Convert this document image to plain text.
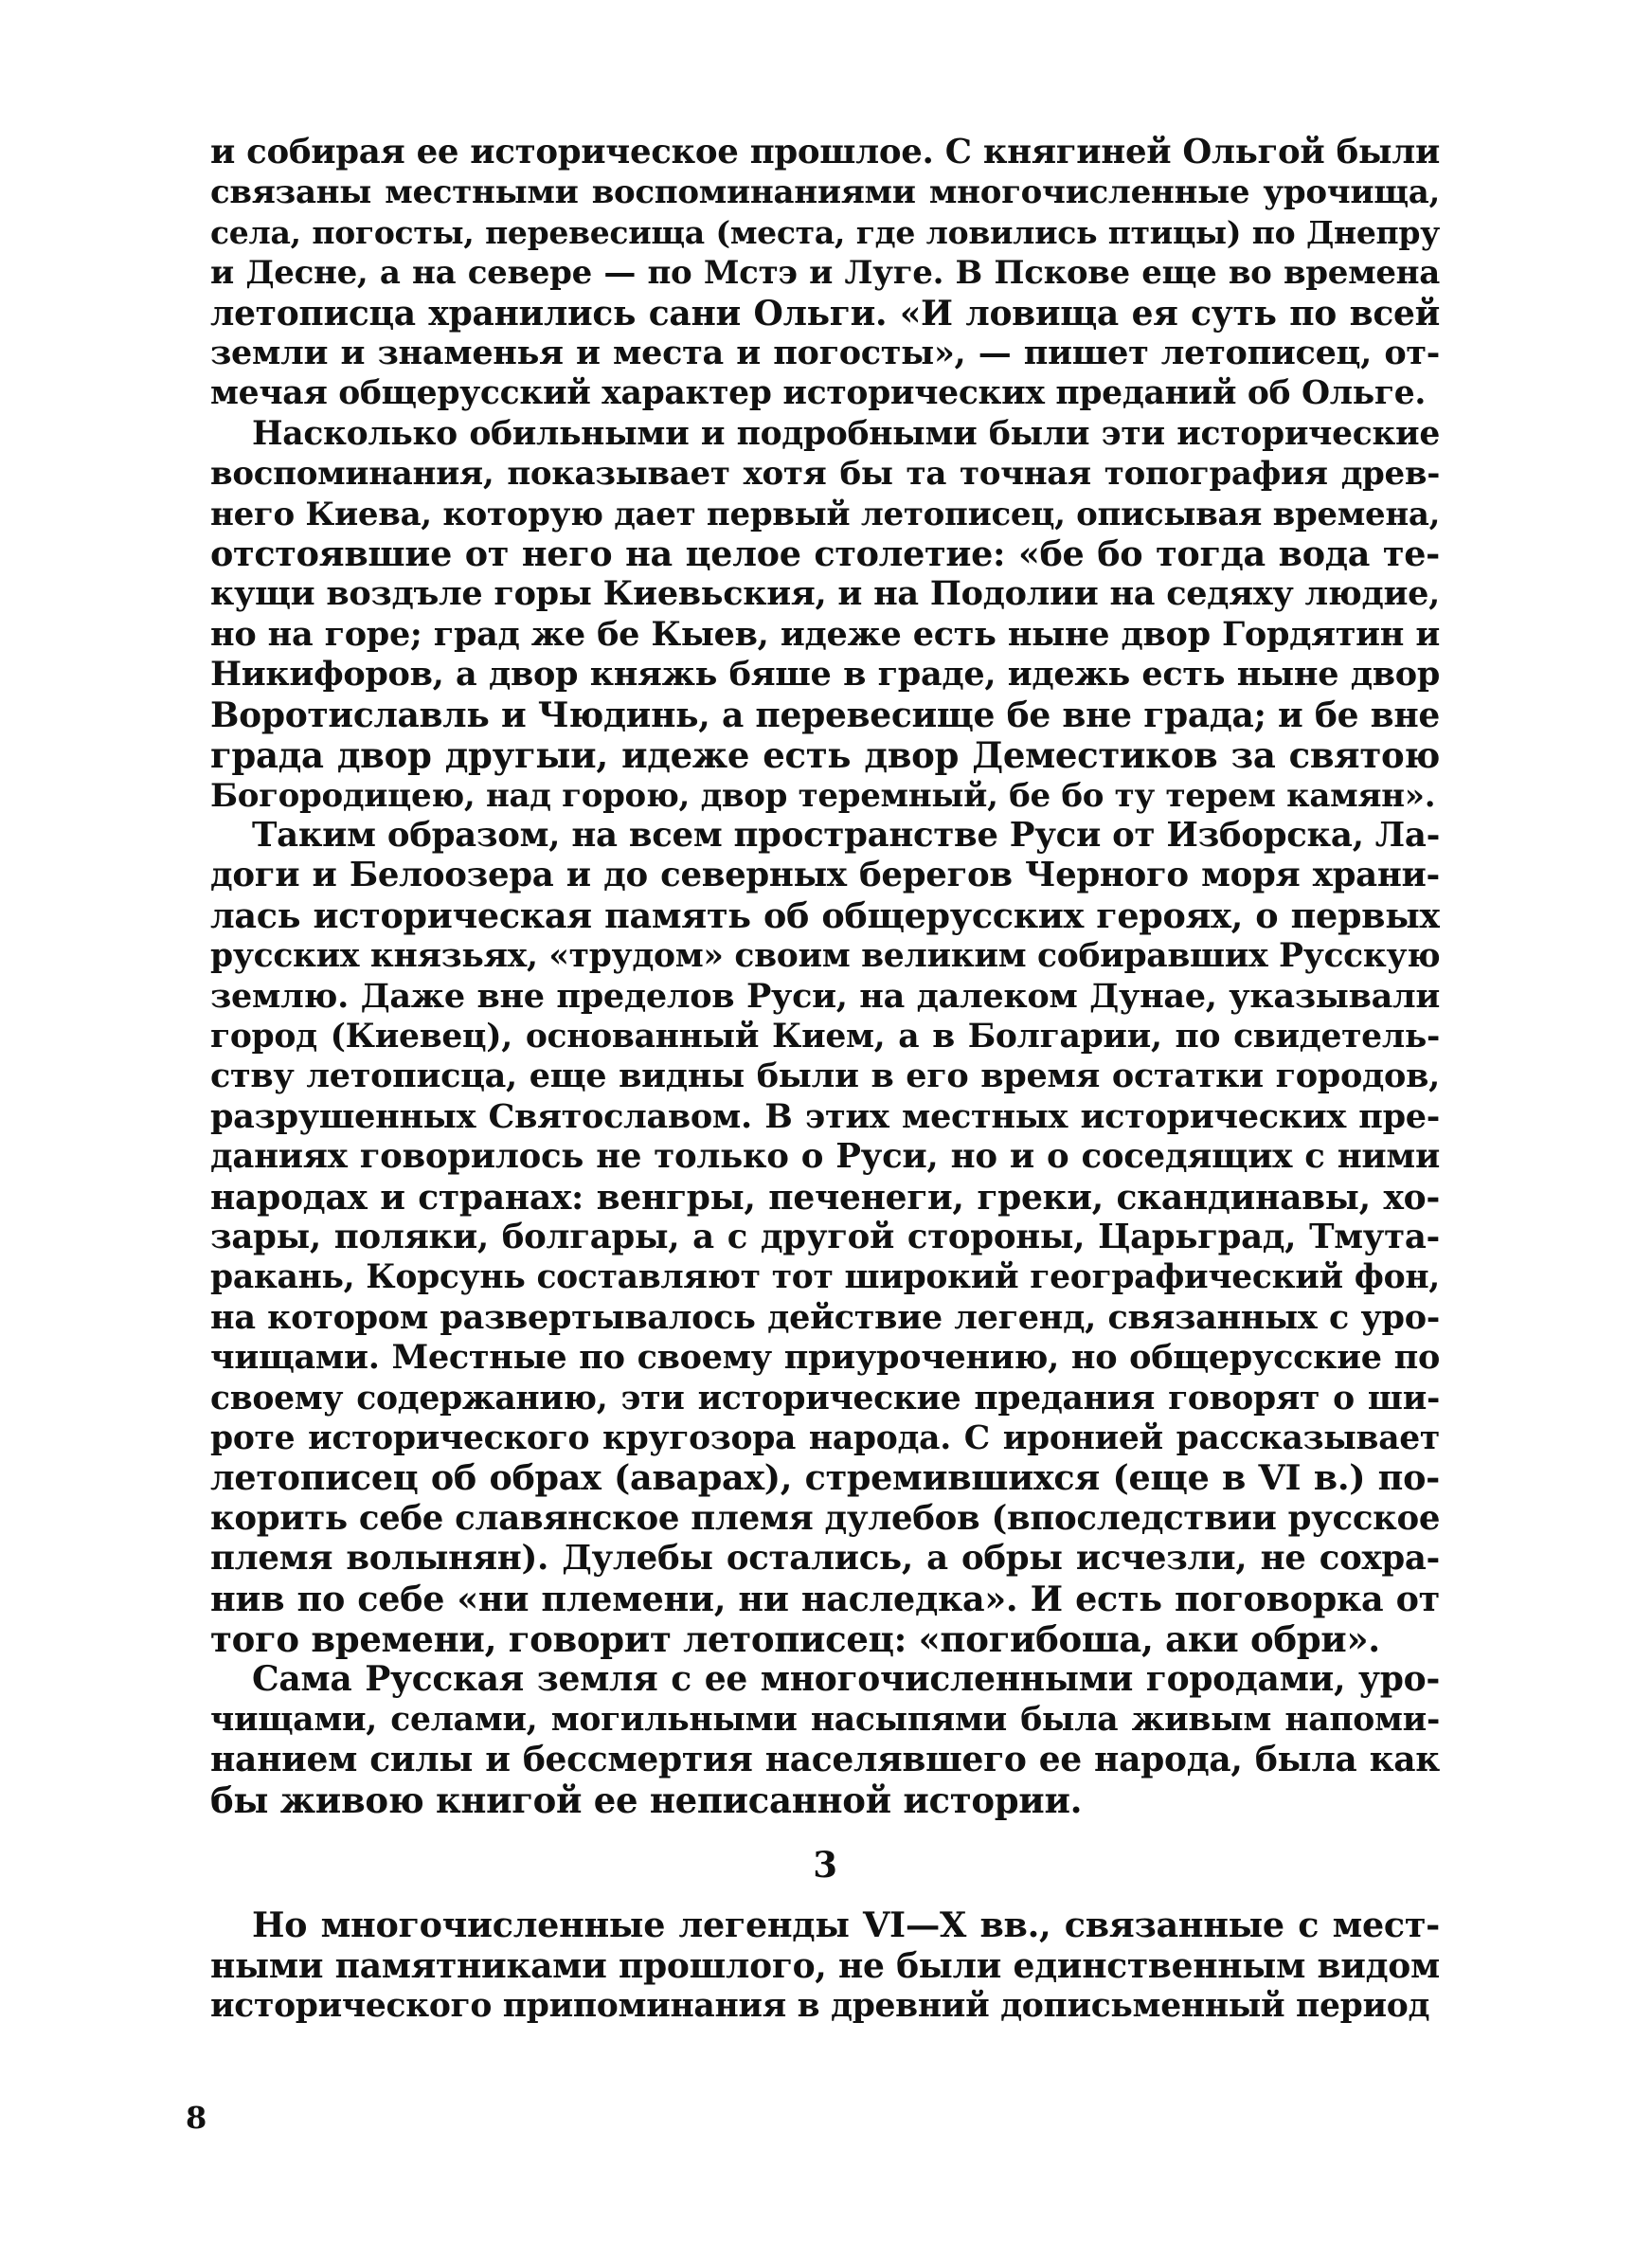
и собирая ее историческое прошлое. С княгиней Ольгой были
связаны местными воспоминаниями многочисленные урочища,
села, погосты, перевесища (места, где ловились птицы) по Днепру
и Десне, а на севере — по Мстэ и Луге. В Пскове еще во времена
летописца хранились сани Ольги. «И ловища ея суть по всей
земли и знаменья и места и погосты», — пишет летописец, от-
мечая общерусский характер исторических преданий об Ольге.
Насколько обильными и подробными были эти исторические
воспоминания, показывает хотя бы та точная топография древ-
него Киева, которую дает первый летописец, описывая времена,
отстоявшие от него на целое столетие: «бе бо тогда вода те-
кущи воздъле горы Киевьския, и на Подолии на седяху людие,
но на горе; град же бе Кыев, идеже есть ныне двор Гордятин и
Никифоров, а двор княжь бяше в граде, идежь есть ныне двор
Воротиславль и Чюдинь, а перевесище бе вне града; и бе вне
града двор другыи, идеже есть двор Деместиков за святою
Богородицею, над горою, двор теремный, бе бо ту терем камян».
Таким образом, на всем пространстве Руси от Изборска, Ла-
доги и Белоозера и до северных берегов Черного моря храни-
лась историческая память об общерусских героях, о первых
русских князьях, «трудом» своим великим собиравших Русскую
землю. Даже вне пределов Руси, на далеком Дунае, указывали
город (Киевец), основанный Кием, а в Болгарии, по свидетель-
ству летописца, еще видны были в его время остатки городов,
разрушенных Святославом. В этих местных исторических пре-
даниях говорилось не только о Руси, но и о соседящих с ними
народах и странах: венгры, печенеги, греки, скандинавы, хо-
зары, поляки, болгары, а с другой стороны, Царьград, Тмута-
ракань, Корсунь составляют тот широкий географический фон,
на котором развертывалось действие легенд, связанных с уро-
чищами. Местные по своему приурочению, но общерусские по
своему содержанию, эти исторические предания говорят о ши-
роте исторического кругозора народа. С иронией рассказывает
летописец об обрах (аварах), стремившихся (еще в VI в.) по-
корить себе славянское племя дулебов (впоследствии русское
племя волынян). Дулебы остались, а обры исчезли, не сохра-
нив по себе «ни племени, ни наследка». И есть поговорка от
того времени, говорит летописец: «погибоша, аки обри».
Сама Русская земля с ее многочисленными городами, уро-
чищами, селами, могильными насыпями была живым напоми-
нанием силы и бессмертия населявшего ее народа, была как
бы живою книгой ее неписанной истории.
3
Но многочисленные легенды VI—X вв., связанные с мест-
ными памятниками прошлого, не были единственным видом
исторического припоминания в древний дописьменный период
8
